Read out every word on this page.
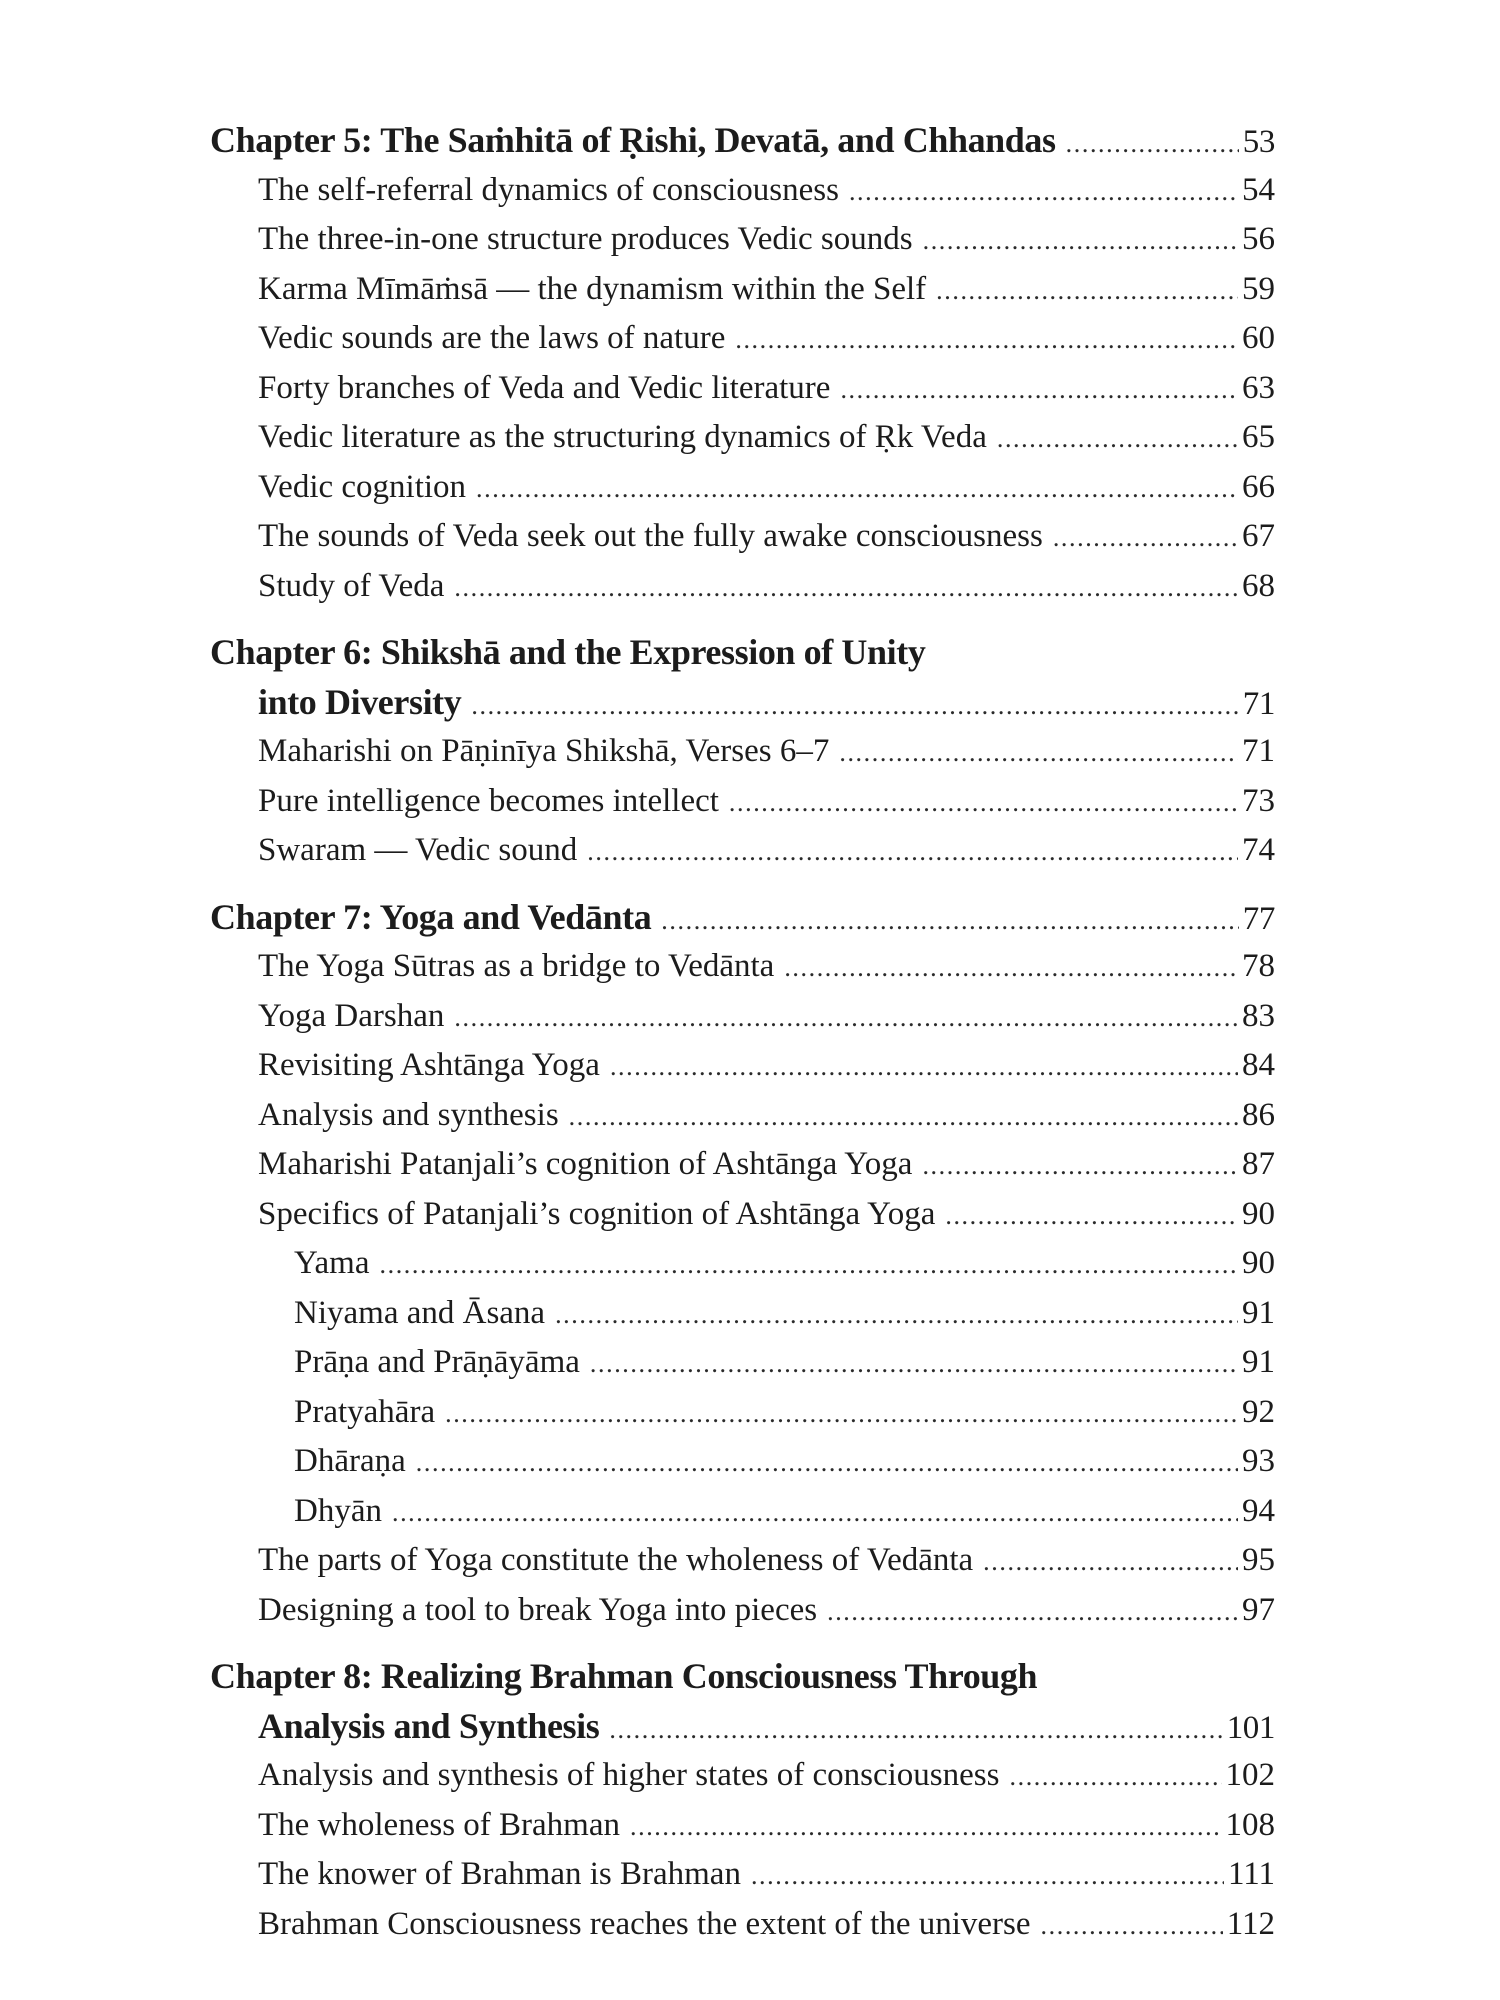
Chapter 5: The Saṁhitā of Ṛishi, Devatā, and Chhandas .....	53
The self-referral dynamics of consciousness .....	54
The three-in-one structure produces Vedic sounds .....	56
Karma Mīmāṁsā — the dynamism within the Self .....	59
Vedic sounds are the laws of nature .....	60
Forty branches of Veda and Vedic literature .....	63
Vedic literature as the structuring dynamics of Ṛk Veda .....	65
Vedic cognition .....	66
The sounds of Veda seek out the fully awake consciousness .....	67
Study of Veda .....	68
Chapter 6: Shikshā and the Expression of Unity
into Diversity .....	71
Maharishi on Pāṇinīya Shikshā, Verses 6–7 .....	71
Pure intelligence becomes intellect .....	73
Swaram — Vedic sound .....	74
Chapter 7: Yoga and Vedānta .....	77
The Yoga Sūtras as a bridge to Vedānta .....	78
Yoga Darshan .....	83
Revisiting Ashtānga Yoga .....	84
Analysis and synthesis .....	86
Maharishi Patanjali’s cognition of Ashtānga Yoga .....	87
Specifics of Patanjali’s cognition of Ashtānga Yoga .....	90
Yama .....	90
Niyama and Āsana .....	91
Prāṇa and Prāṇāyāma .....	91
Pratyahāra .....	92
Dhāraṇa .....	93
Dhyān .....	94
The parts of Yoga constitute the wholeness of Vedānta .....	95
Designing a tool to break Yoga into pieces .....	97
Chapter 8: Realizing Brahman Consciousness Through
Analysis and Synthesis .....	101
Analysis and synthesis of higher states of consciousness .....	102
The wholeness of Brahman .....	108
The knower of Brahman is Brahman .....	111
Brahman Consciousness reaches the extent of the universe .....	112
